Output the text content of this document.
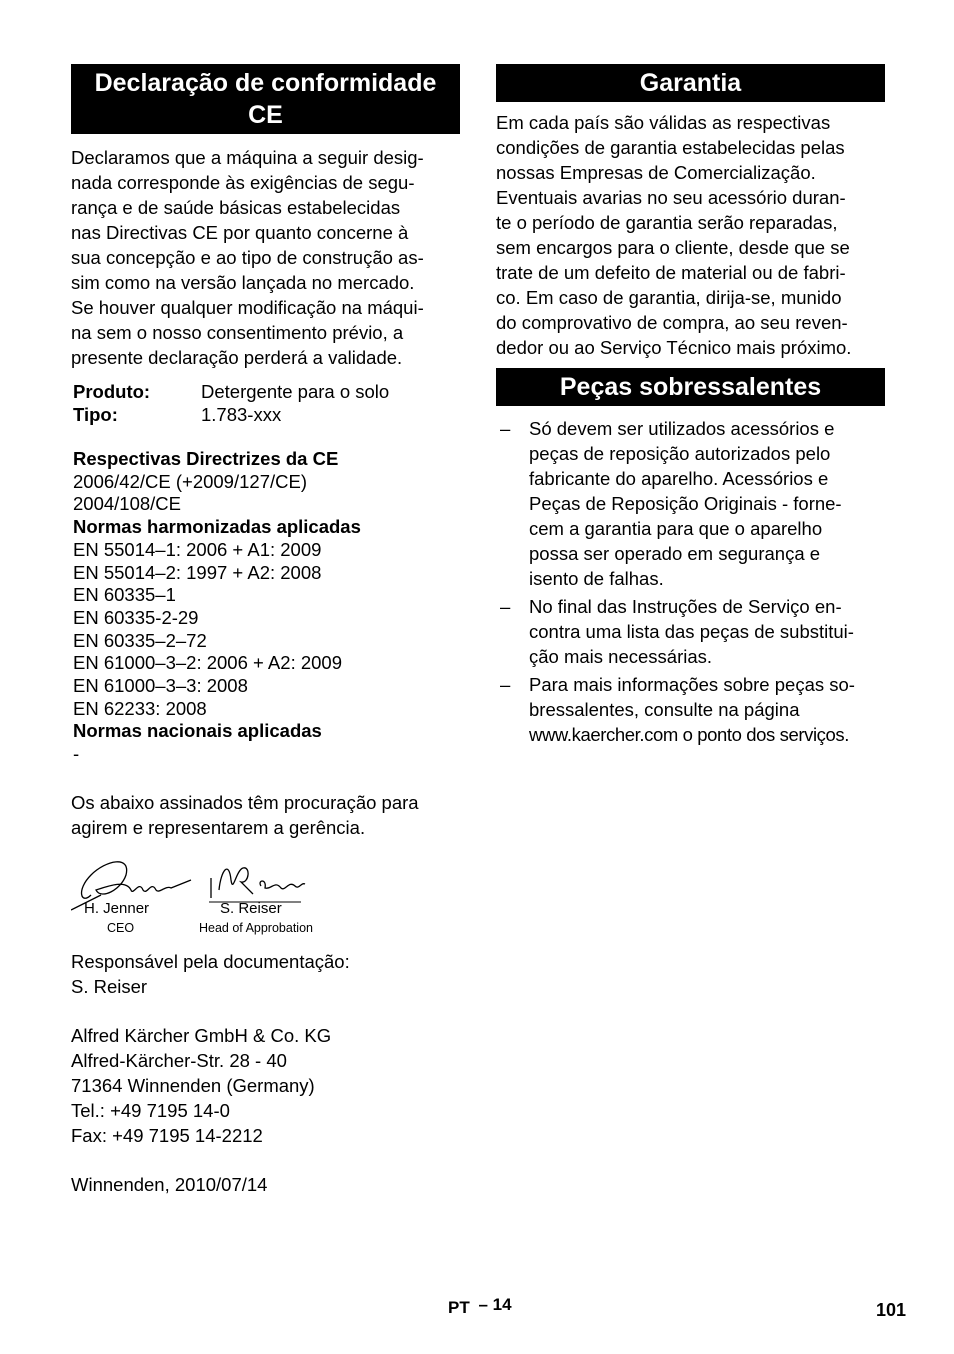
Declaração de conformidade CE

Declaramos que a máquina a seguir desig-
nada corresponde às exigências de segu-
rança e de saúde básicas estabelecidas
nas Directivas CE por quanto concerne à
sua concepção e ao tipo de construção as-
sim como na versão lançada no mercado.
Se houver qualquer modificação na máqui-
na sem o nosso consentimento prévio, a
presente declaração perderá a validade.

Produto:	Detergente para o solo
Tipo:	1.783-xxx
Respectivas Directrizes da CE
2006/42/CE (+2009/127/CE)
2004/108/CE
Normas harmonizadas aplicadas
EN 55014–1: 2006 + A1: 2009
EN 55014–2: 1997 + A2: 2008
EN 60335–1
EN 60335-2-29
EN 60335–2–72
EN 61000–3–2: 2006 + A2: 2009
EN 61000–3–3: 2008
EN 62233: 2008
Normas nacionais aplicadas
-

Os abaixo assinados têm procuração para
agirem e representarem a gerência.

H. Jenner
CEO
S. Reiser
Head of Approbation

Responsável pela documentação:
S. Reiser

Alfred Kärcher GmbH & Co. KG
Alfred-Kärcher-Str. 28 - 40
71364 Winnenden (Germany)
Tel.: +49 7195 14-0
Fax: +49 7195 14-2212

Winnenden, 2010/07/14

Garantia

Em cada país são válidas as respectivas
condições de garantia estabelecidas pelas
nossas Empresas de Comercialização.
Eventuais avarias no seu acessório duran-
te o período de garantia serão reparadas,
sem encargos para o cliente, desde que se
trate de um defeito de material ou de fabri-
co. Em caso de garantia, dirija-se, munido
do comprovativo de compra, ao seu reven-
dedor ou ao Serviço Técnico mais próximo.

Peças sobressalentes
– Só devem ser utilizados acessórios e
peças de reposição autorizados pelo
fabricante do aparelho. Acessórios e
Peças de Reposição Originais - forne-
cem a garantia para que o aparelho
possa ser operado em segurança e
isento de falhas.
– No final das Instruções de Serviço en-
contra uma lista das peças de substitui-
ção mais necessárias.
– Para mais informações sobre peças so-
bressalentes, consulte na página
www.kaercher.com o ponto dos serviços.
PT – 14	101
